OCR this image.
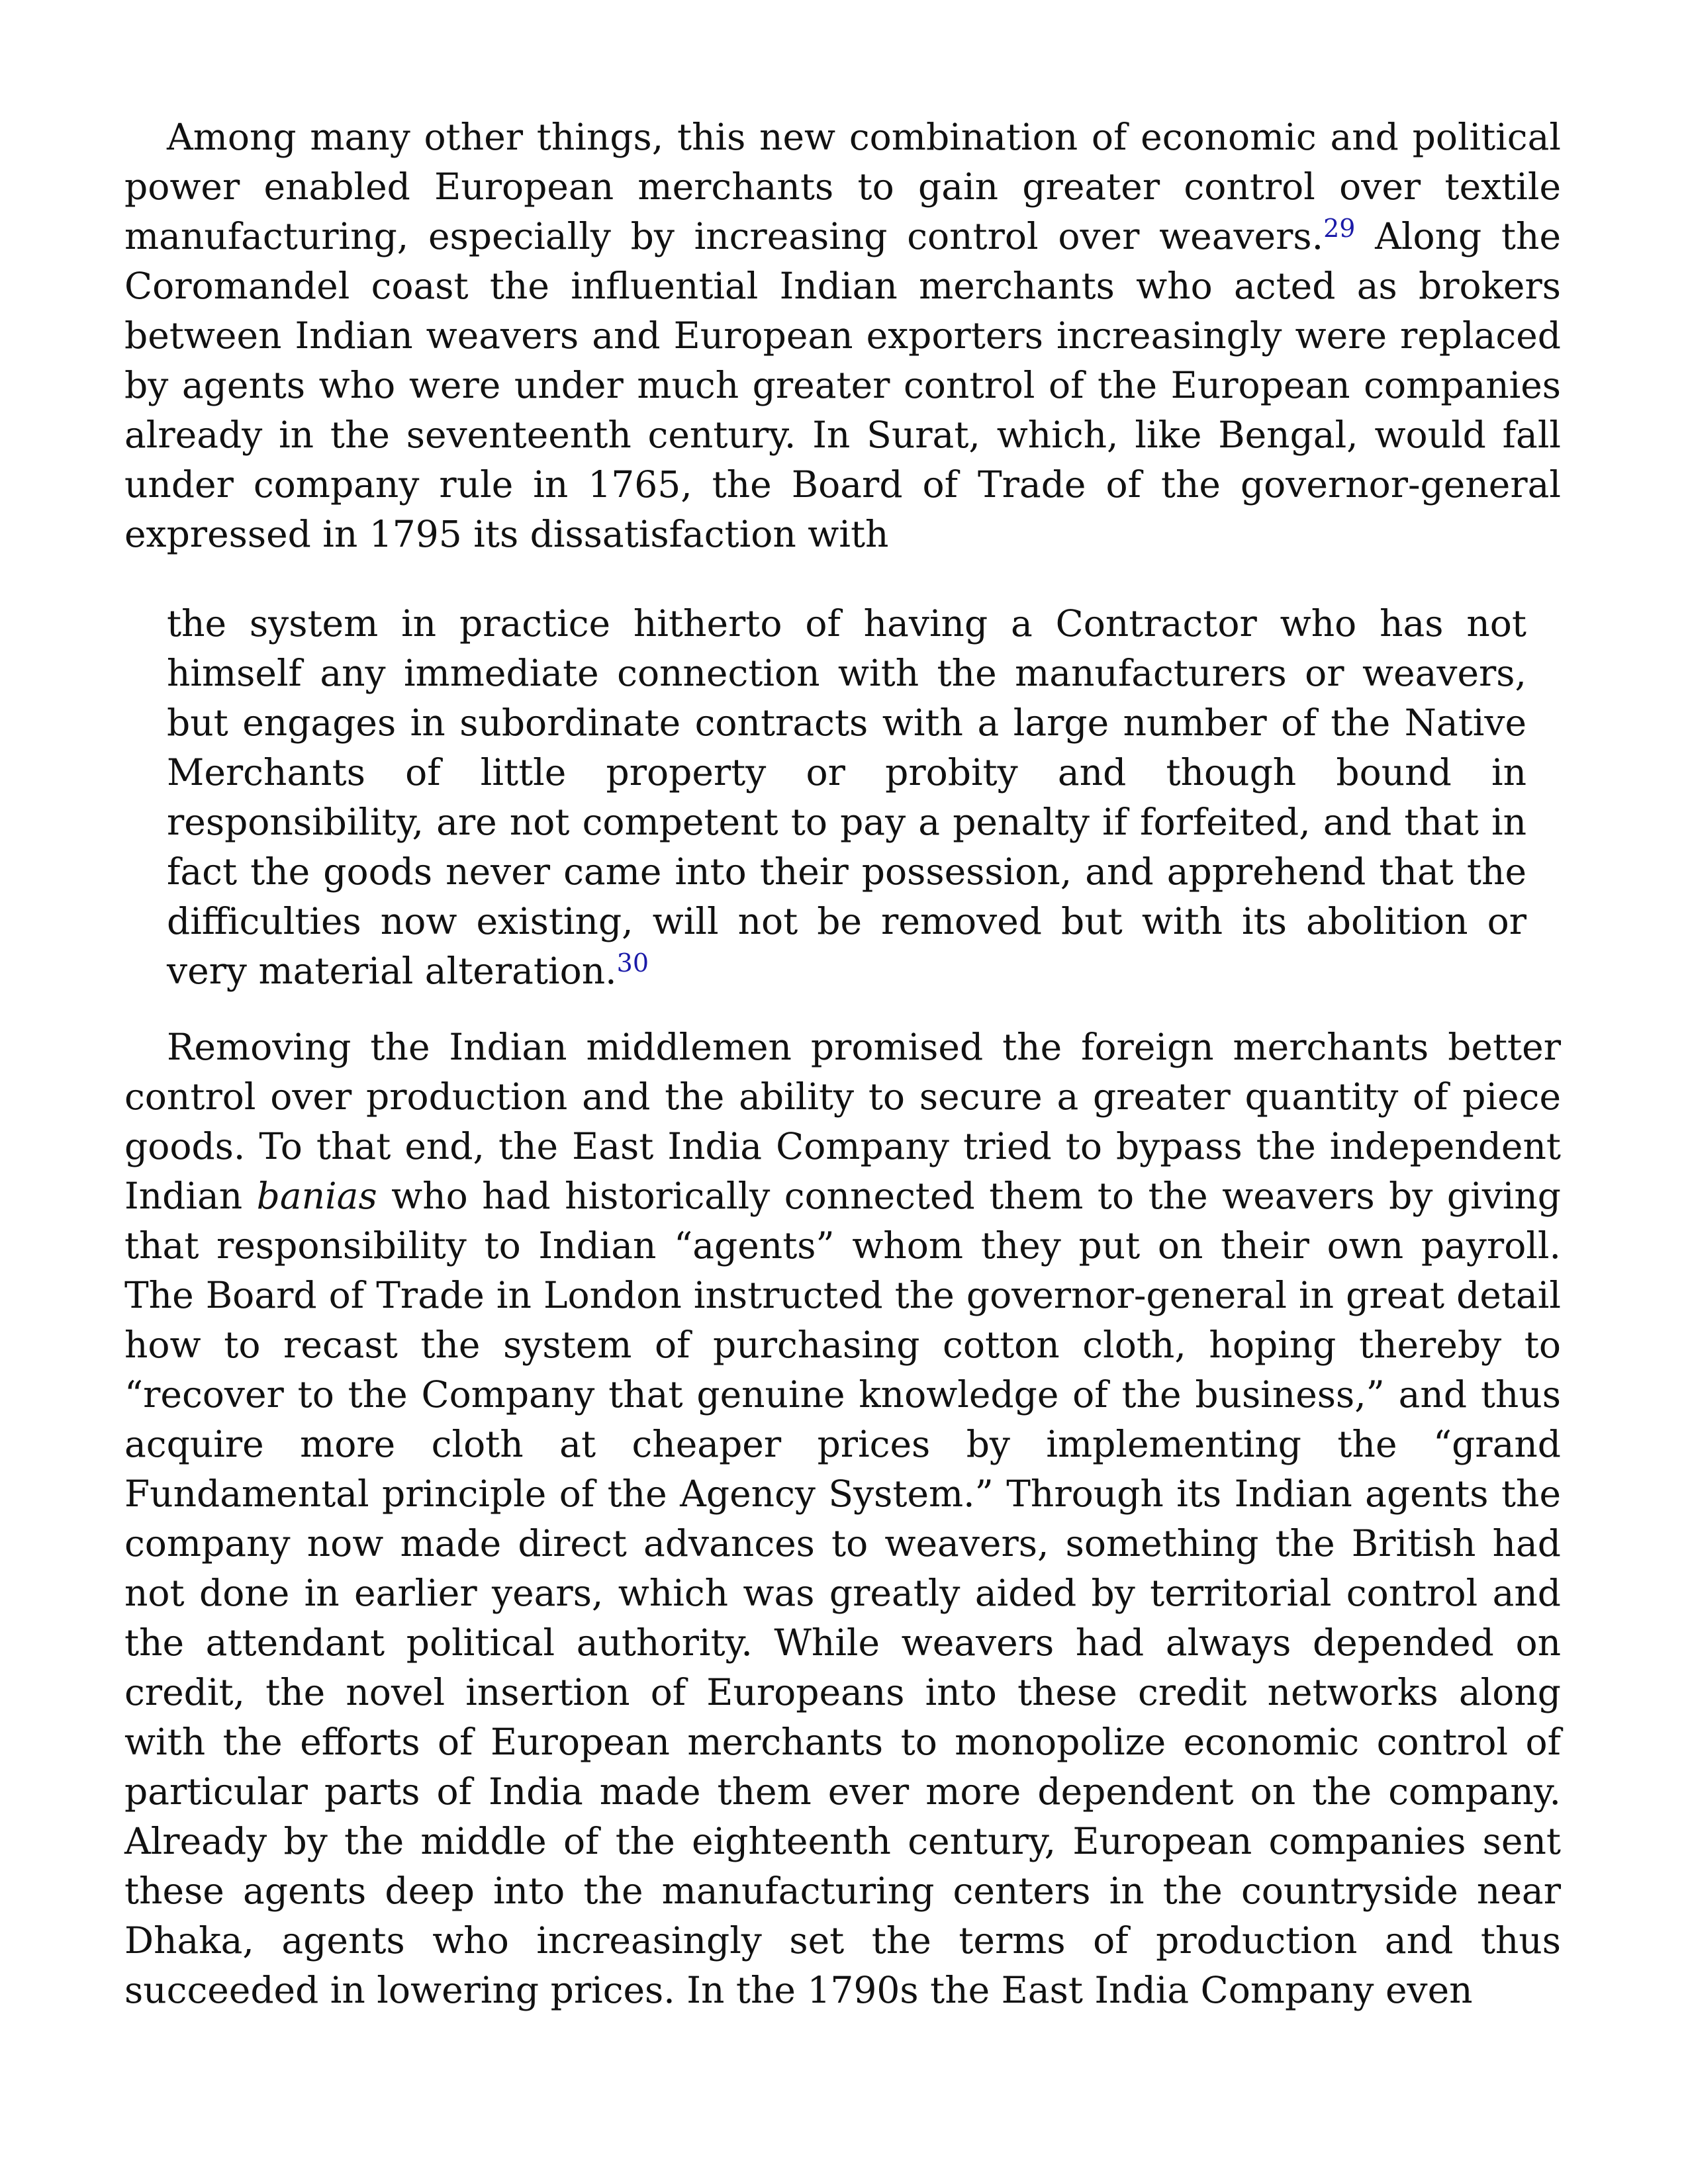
Among many other things, this new combination of economic and political power enabled European merchants to gain greater control over textile manufacturing, especially by increasing control over weavers.$^{29}$ Along the Coromandel coast the influential Indian merchants who acted as brokers between Indian weavers and European exporters increasingly were replaced by agents who were under much greater control of the European companies already in the seventeenth century. In Surat, which, like Bengal, would fall under company rule in 1765, the Board of Trade of the governor-general expressed in 1795 its dissatisfaction with

the system in practice hitherto of having a Contractor who has not himself any immediate connection with the manufacturers or weavers, but engages in subordinate contracts with a large number of the Native Merchants of little property or probity and though bound in responsibility, are not competent to pay a penalty if forfeited, and that in fact the goods never came into their possession, and apprehend that the difficulties now existing, will not be removed but with its abolition or very material alteration.$^{30}$

Removing the Indian middlemen promised the foreign merchants better control over production and the ability to secure a greater quantity of piece goods. To that end, the East India Company tried to bypass the independent Indian banias who had historically connected them to the weavers by giving that responsibility to Indian “agents” whom they put on their own payroll. The Board of Trade in London instructed the governor-general in great detail how to recast the system of purchasing cotton cloth, hoping thereby to “recover to the Company that genuine knowledge of the business,” and thus acquire more cloth at cheaper prices by implementing the “grand Fundamental principle of the Agency System.” Through its Indian agents the company now made direct advances to weavers, something the British had not done in earlier years, which was greatly aided by territorial control and the attendant political authority. While weavers had always depended on credit, the novel insertion of Europeans into these credit networks along with the efforts of European merchants to monopolize economic control of particular parts of India made them ever more dependent on the company. Already by the middle of the eighteenth century, European companies sent these agents deep into the manufacturing centers in the countryside near Dhaka, agents who increasingly set the terms of production and thus succeeded in lowering prices. In the 1790s the East India Company even
